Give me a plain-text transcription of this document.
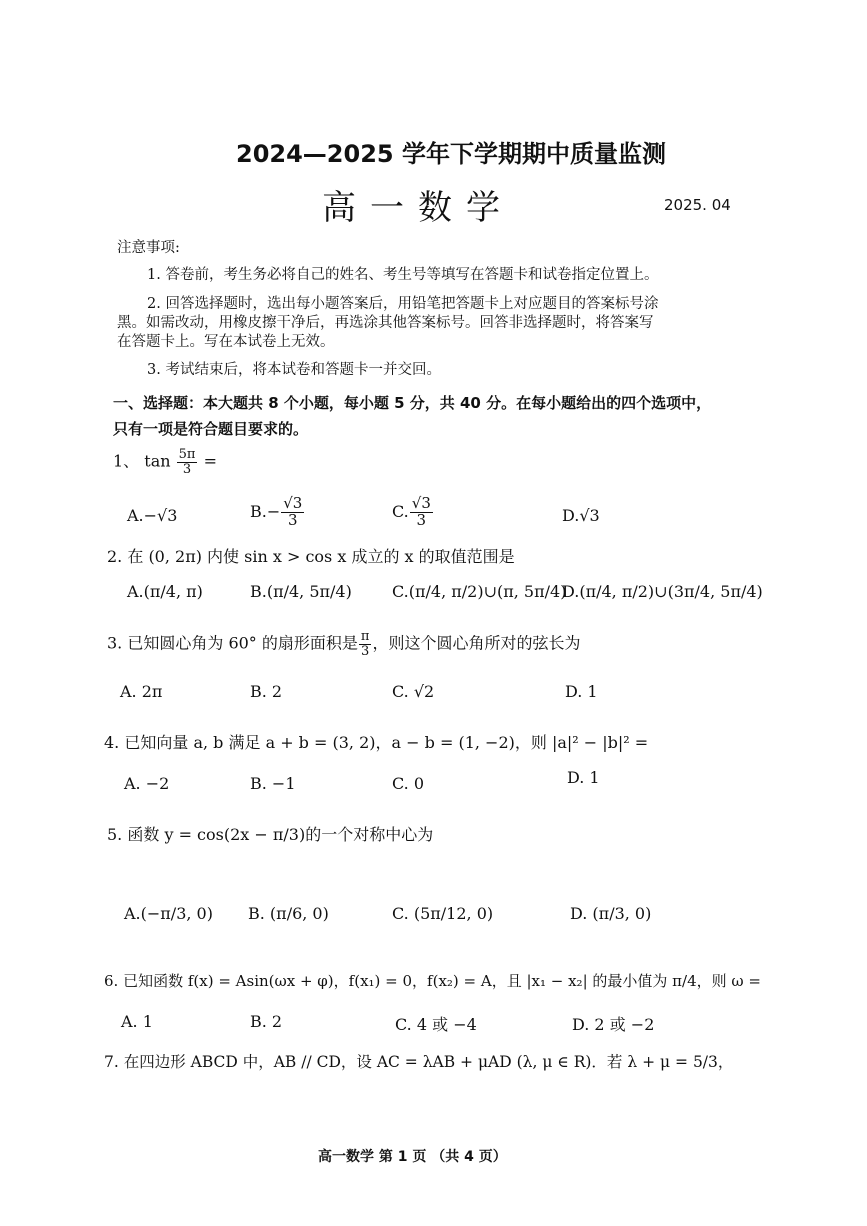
2024—2025 学年下学期期中质量监测
高一数学	2025. 04
注意事项:
1. 答卷前，考生务必将自己的姓名、考生号等填写在答题卡和试卷指定位置上。
2. 回答选择题时，选出每小题答案后，用铅笔把答题卡上对应题目的答案标号涂
黑。如需改动，用橡皮擦干净后，再选涂其他答案标号。回答非选择题时，将答案写
在答题卡上。写在本试卷上无效。
3. 考试结束后，将本试卷和答题卡一并交回。
一、选择题：本大题共 8 个小题，每小题 5 分，共 40 分。在每小题给出的四个选项中，
只有一项是符合题目要求的。
1、 $\tan \frac{5\pi}{3}$ =
A.−√3	$B.- \frac{√3}{3}$	C. $\frac{√3}{3}$	D.√3
2. 在 (0, 2π) 内使 sin x > cos x 成立的 x 的取值范围是
A.(π/4, π)	B.(π/4, 5π/4)	C.(π/4, π/2)∪(π, 5π/4)
D.(π/4, π/2)∪(3π/4, 5π/4)
3. 已知圆心角为 60° 的扇形面积是 $\frac{\pi}{3}$ ，则这个圆心角所对的弦长为
A. 2π	B. 2	C. √2	D. 1
4. 已知向量 a, b 满足 a + b = (3, 2)，a − b = (1, −2)，则 |a|² − |b|² =
A. −2	B. −1	C. 0	D. 1
5. 函数 y = cos(2x − π/3)的一个对称中心为
A.(−π/3, 0) B. (π/6, 0)	C. (5π/12, 0)	D. (π/3, 0)
6. 已知函数 f(x) = Asin(ωx + φ)，f(x₁) = 0，f(x₂) = A，且 |x₁ − x₂| 的最小值为 π/4，则 ω =
A. 1	B. 2	C. 4 或 −4	D. 2 或 −2
7. 在四边形 ABCD 中，AB // CD，设 AC = λAB + μAD (λ, μ ∈ R)．若 λ + μ = 5/3，
高一数学 第 1 页 （共 4 页）
